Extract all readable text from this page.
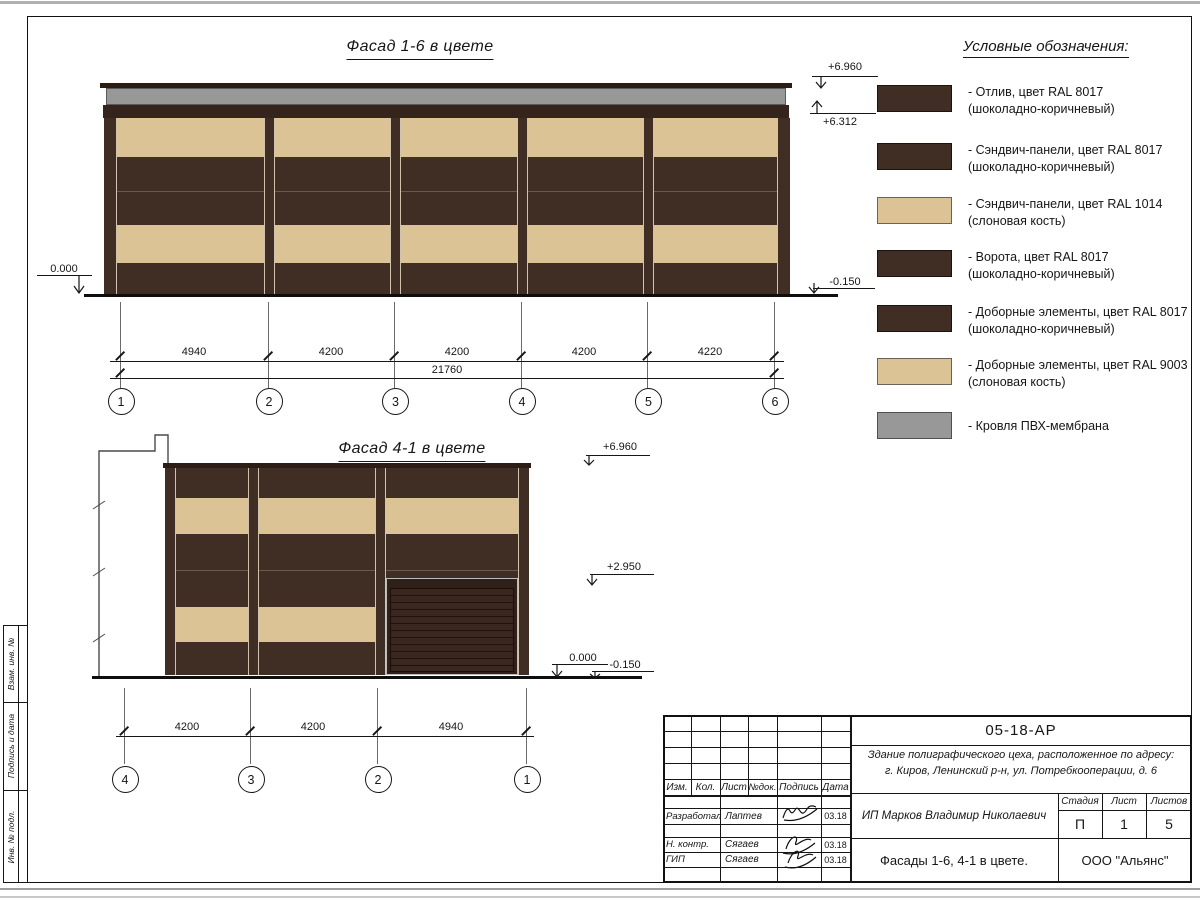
Фасад 1-6 в цвете
+6.960
+6.312
0.000
-0.150
4940	4200	4200	4200	4220
21760
1	2	3	4	5	6
Фасад 4-1 в цвете	+6.960
+2.950
0.000
-0.150
4200	4200	4940
4	3	2	1
Условные обозначения:
- Отлив, цвет RAL 8017
(шоколадно-коричневый)
- Сэндвич-панели, цвет RAL 8017
(шоколадно-коричневый)
- Сэндвич-панели, цвет RAL 1014
(слоновая кость)
- Ворота, цвет RAL 8017
(шоколадно-коричневый)
- Доборные элементы, цвет RAL 8017
(шоколадно-коричневый)
- Доборные элементы, цвет RAL 9003
(слоновая кость)
- Кровля ПВХ-мембрана
Изм. Кол. Лист №док. Подпись Дата
Разработал Лаптев	03.18
Н. контр.	Сягаев	03.18
ГИП	Сягаев	03.18
05-18-АР
Здание полиграфического цеха, расположенное по адресу:
г. Киров, Ленинский р-н, ул. Потребкооперации, д. 6
ИП Марков Владимир Николаевич
Стадия	Лист	Листов
П	1	5
Фасады 1-6, 4-1 в цвете.	ООО "Альянс"
Взам. инв. №
Подпись и дата
Инв. № подл.
